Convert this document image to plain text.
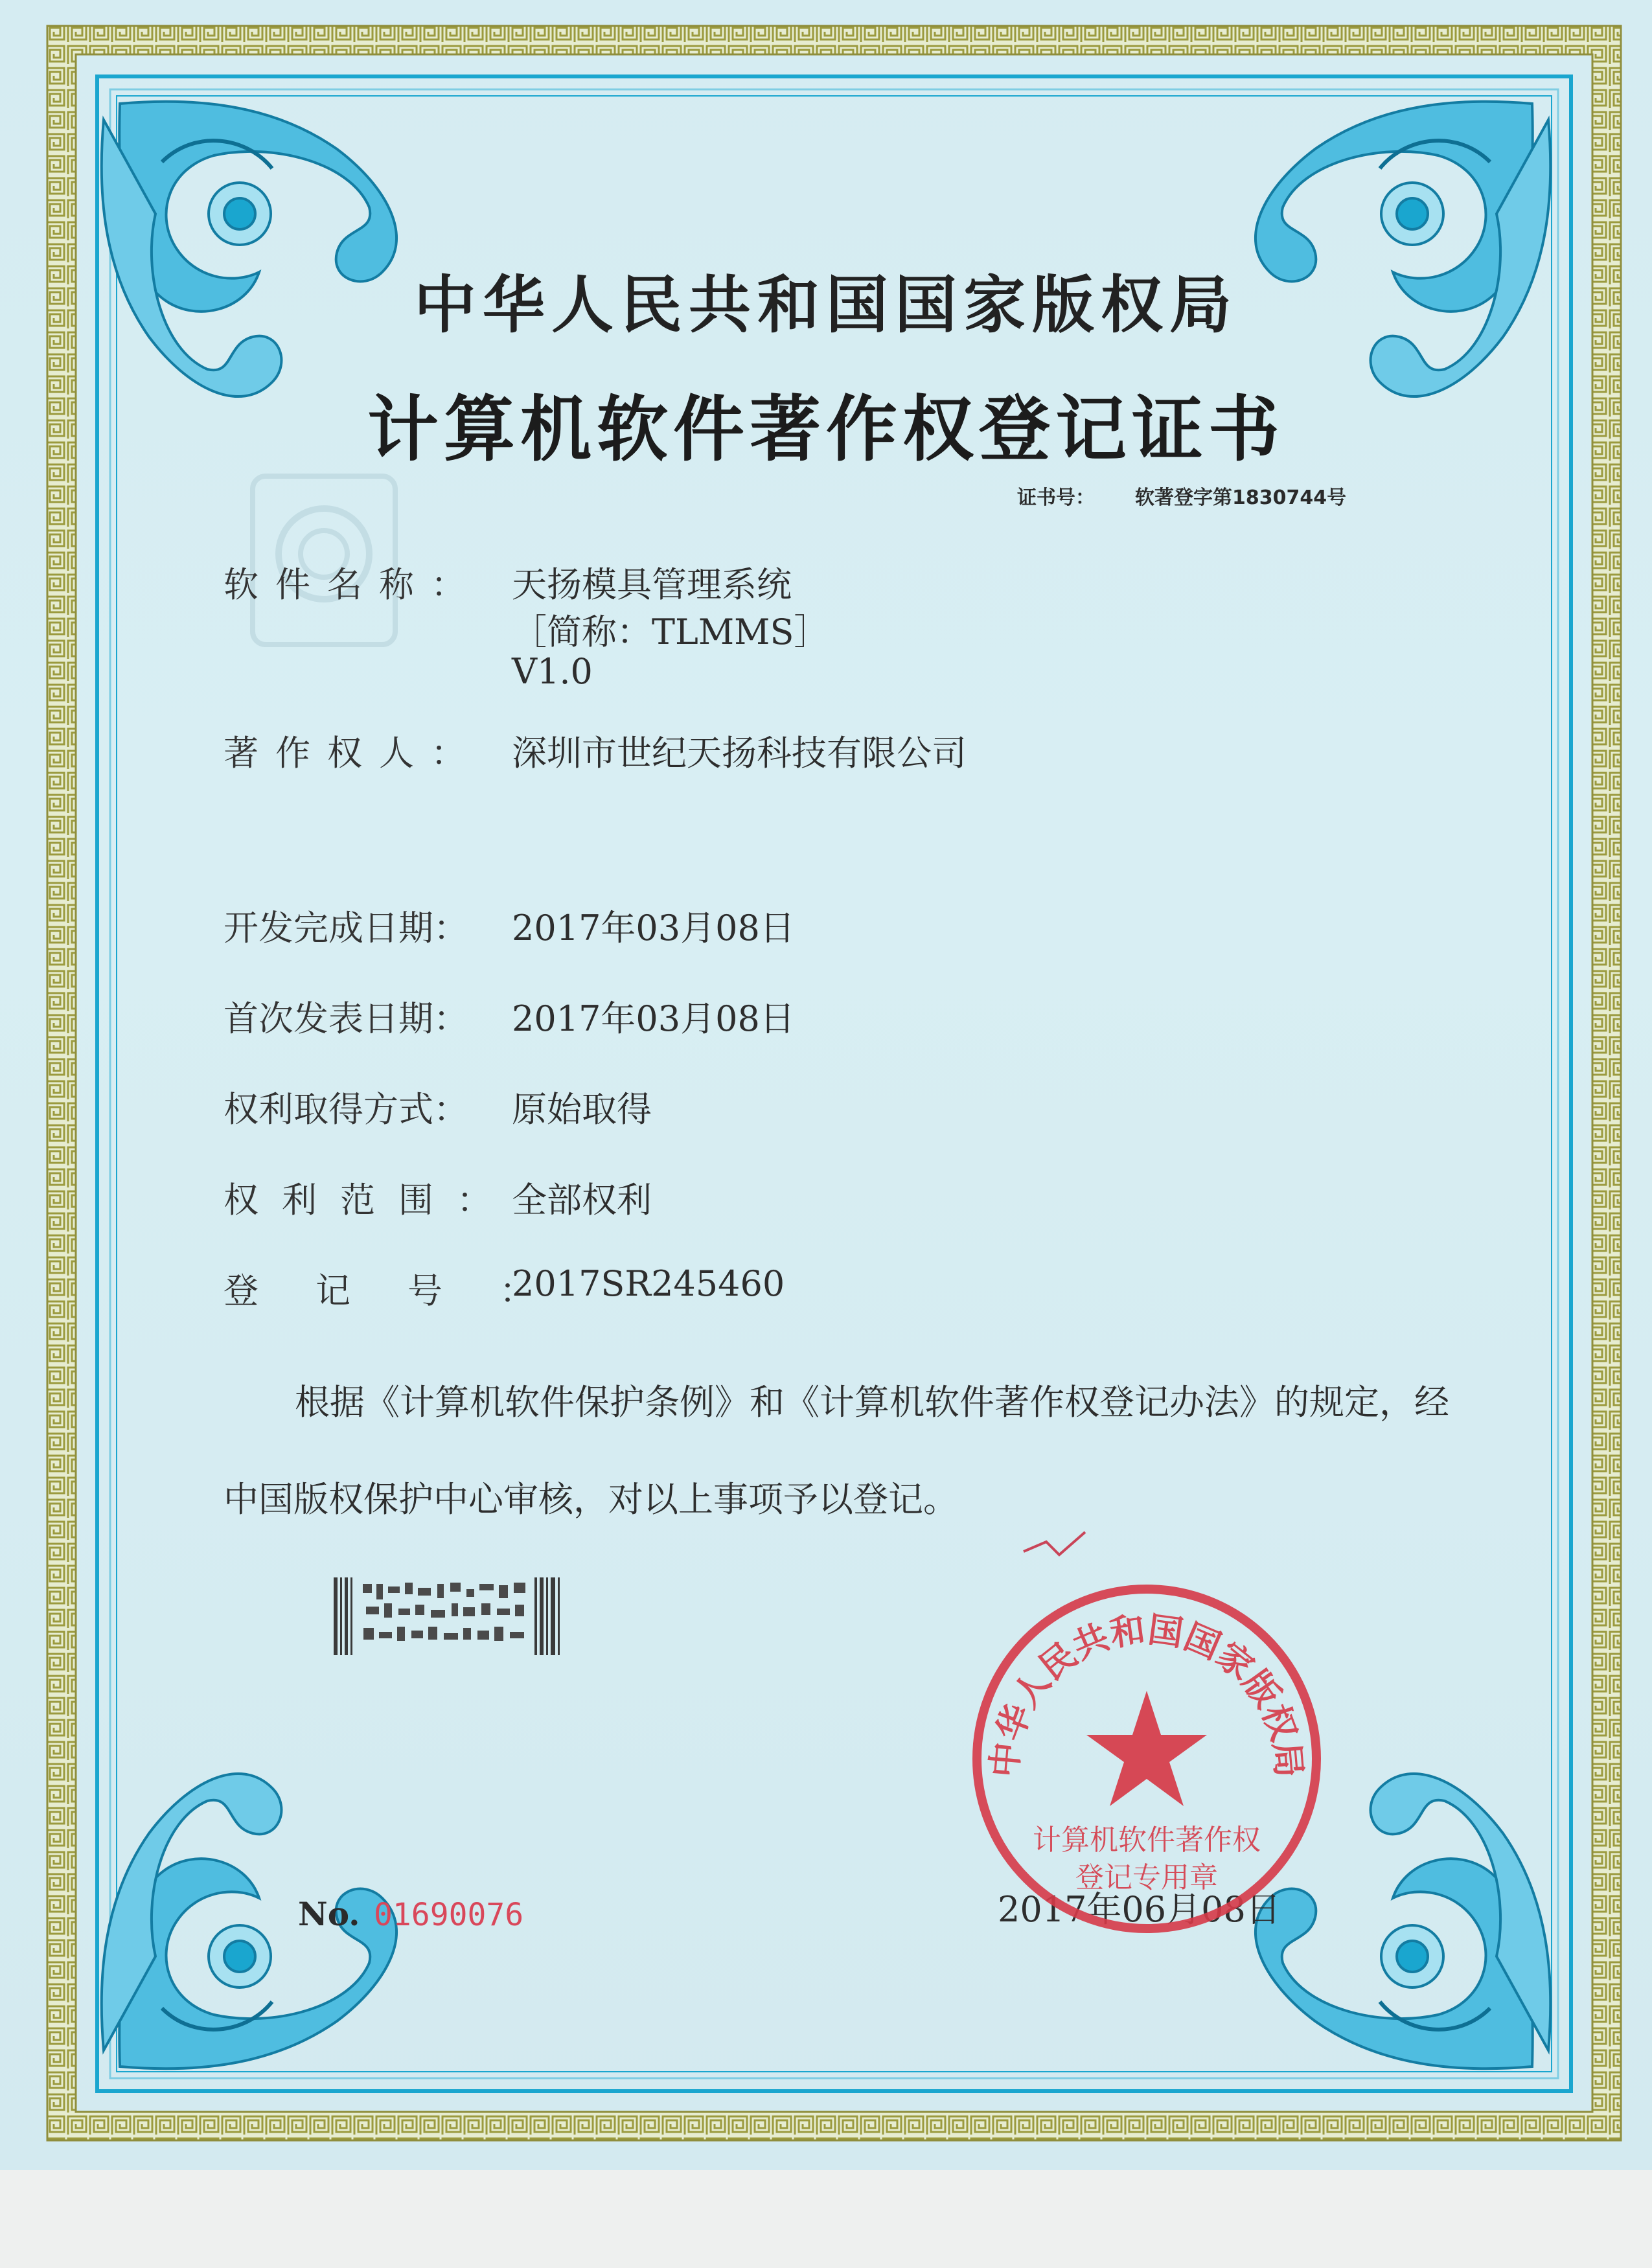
中华人民共和国国家版权局
计算机软件著作权登记证书
证书号： 软著登字第1830744号
软件名称： 天扬模具管理系统
［简称：TLMMS］
V1.0
著作权人： 深圳市世纪天扬科技有限公司
开发完成日期： 2017年03月08日
首次发表日期： 2017年03月08日
权利取得方式： 原始取得
权利范围：
全部权利
登记号：
2017SR245460
根据《计算机软件保护条例》和《计算机软件著作权登记办法》的规定，经中国版权保护中心审核，对以上事项予以登记。
No. 01690076	2017年06月08日
中华人民共和国国家版权局
计算机软件著作权
登记专用章
